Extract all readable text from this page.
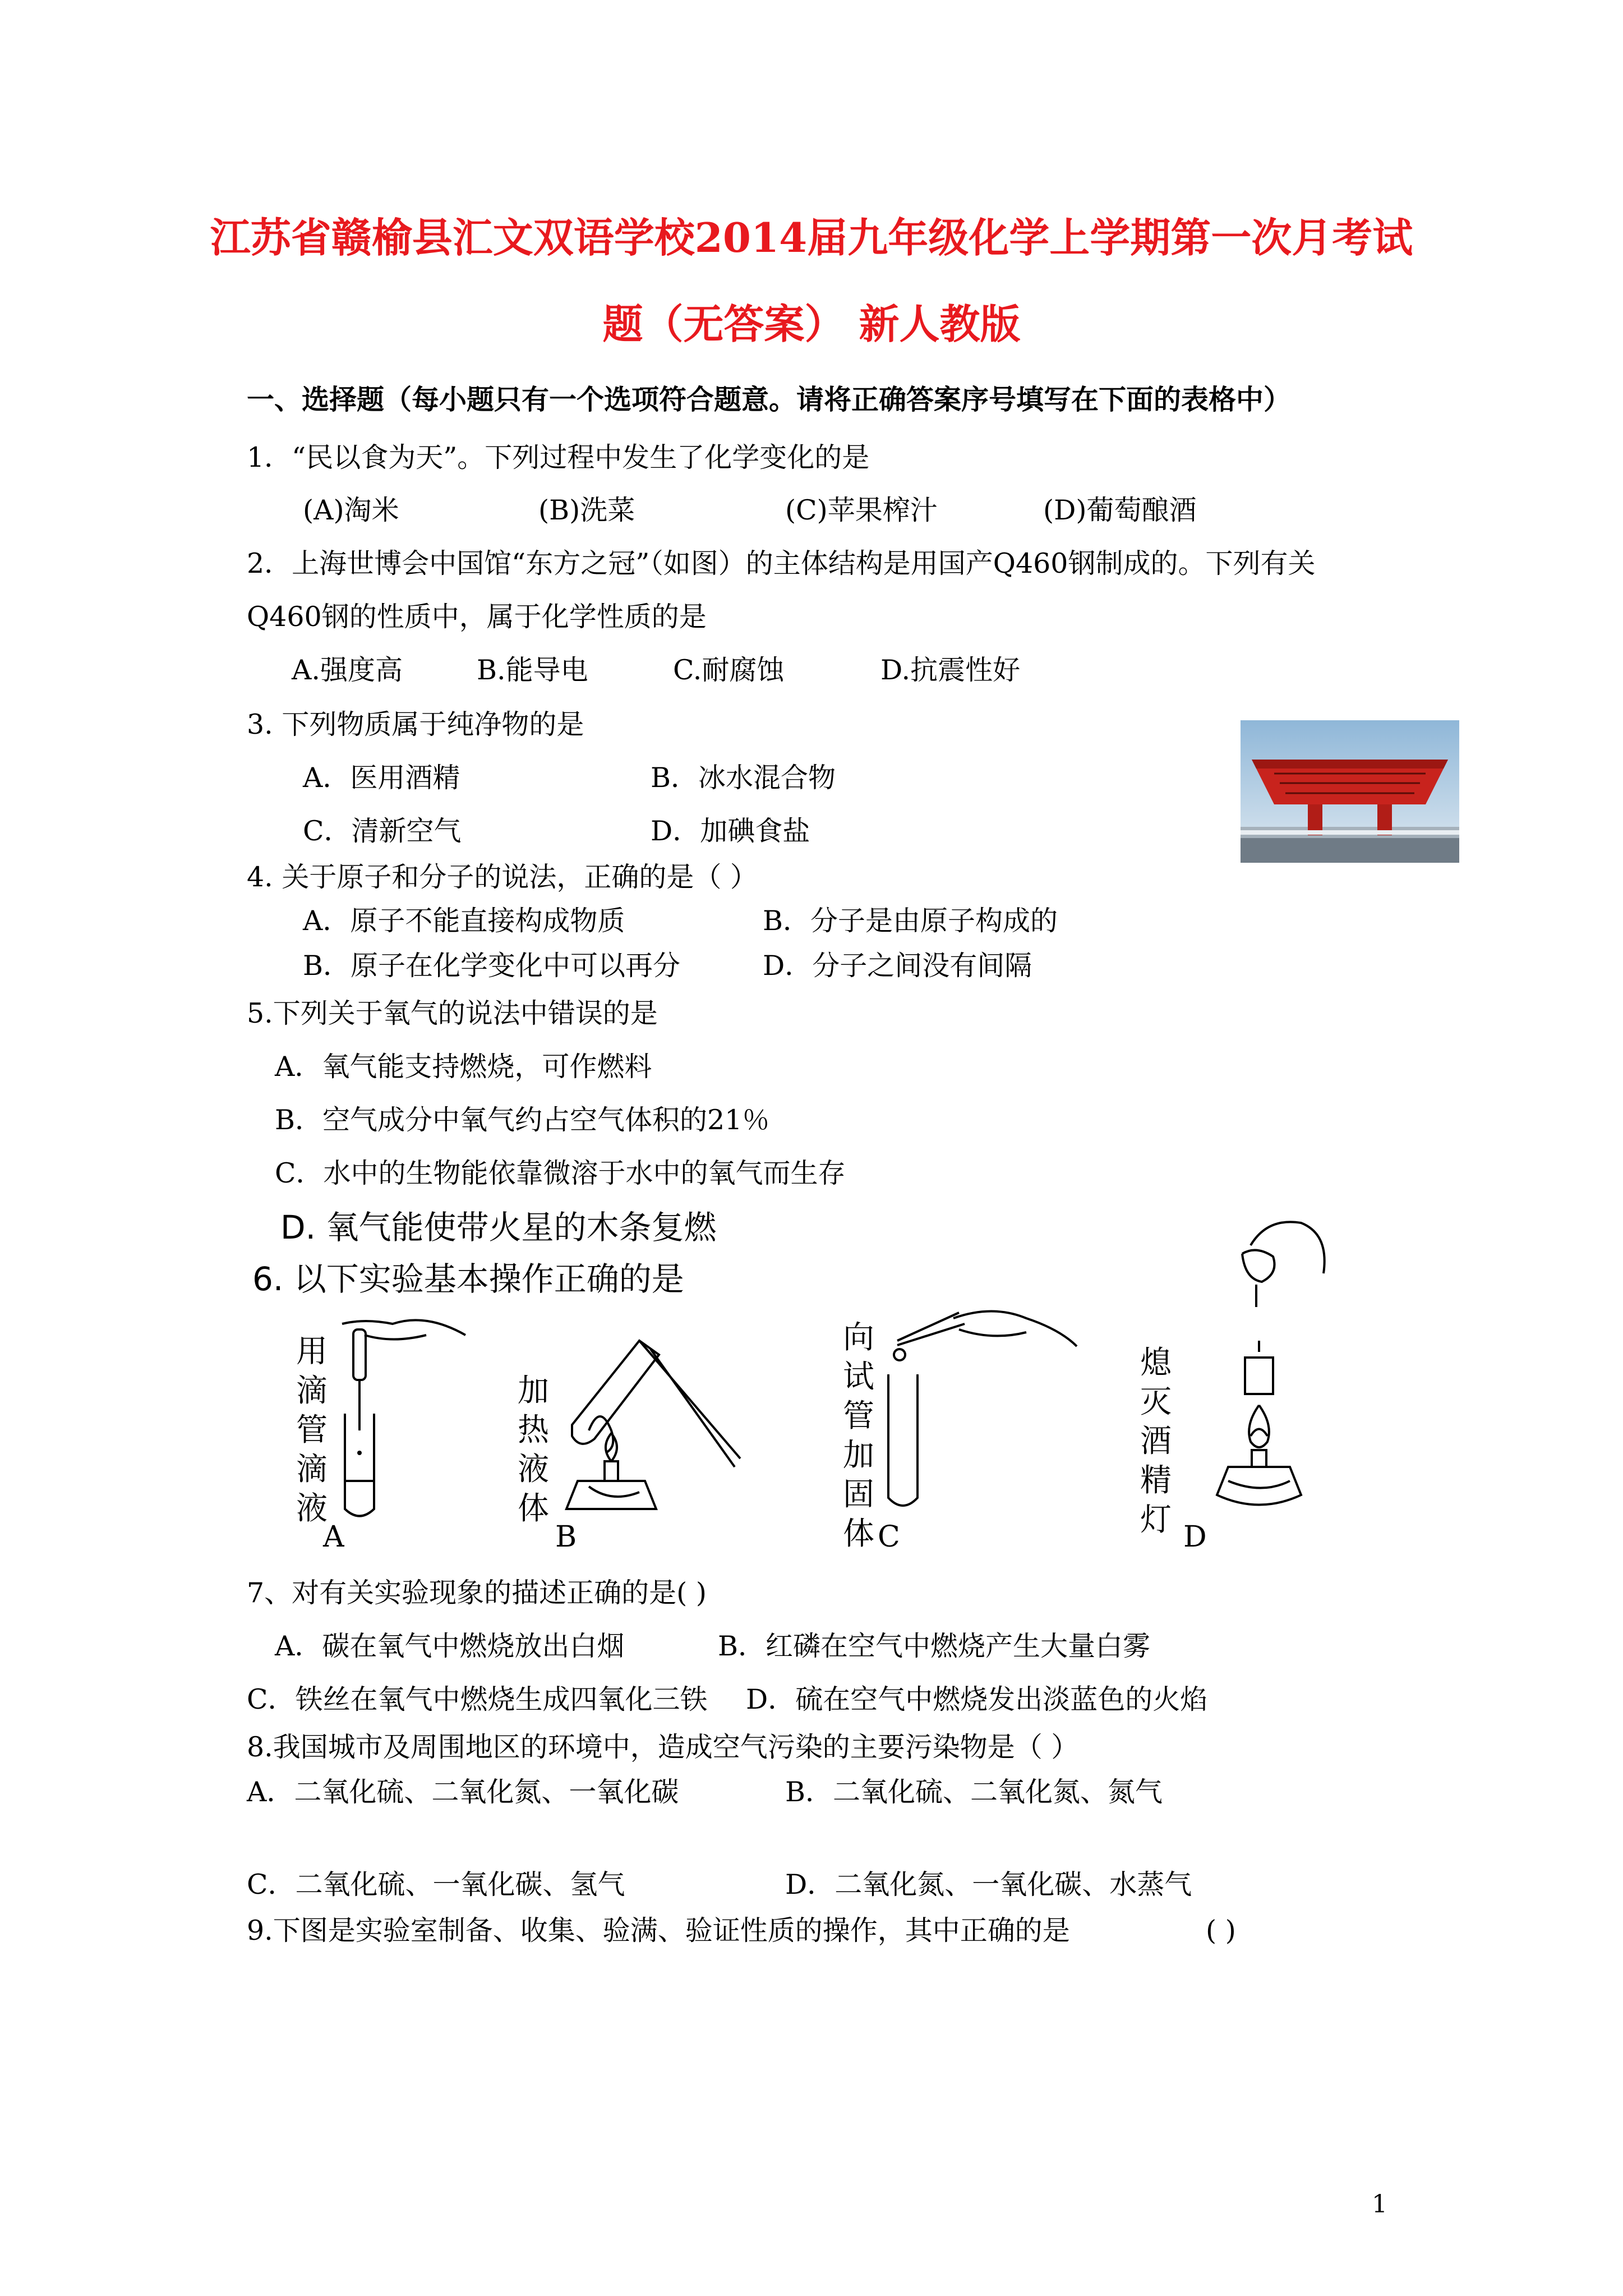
江苏省赣榆县汇文双语学校2014届九年级化学上学期第一次月考试
题（无答案） 新人教版
一、选择题（每小题只有一个选项符合题意。请将正确答案序号填写在下面的表格中）
1．“民以食为天”。下列过程中发生了化学变化的是
(A)淘米	(B)洗菜	(C)苹果榨汁	(D)葡萄酿酒
2．上海世博会中国馆“东方之冠”（如图）的主体结构是用国产Q460钢制成的。下列有关
Q460钢的性质中，属于化学性质的是
A.强度高	B.能导电	C.耐腐蚀	D.抗震性好
3. 下列物质属于纯净物的是
A．医用酒精	B．冰水混合物
C．清新空气	D．加碘食盐
4. 关于原子和分子的说法，正确的是（ ）
A．原子不能直接构成物质	B．分子是由原子构成的
B．原子在化学变化中可以再分	D．分子之间没有间隔
5.下列关于氧气的说法中错误的是
A．氧气能支持燃烧，可作燃料
B．空气成分中氧气约占空气体积的21％
C．水中的生物能依靠微溶于水中的氧气而生存
D. 氧气能使带火星的木条复燃
6. 以下实验基本操作正确的是
用滴管滴液
A
加热液体
B
向试管加固体 C
熄灭酒精灯 D
7、对有关实验现象的描述正确的是( )
A．碳在氧气中燃烧放出白烟	B．红磷在空气中燃烧产生大量白雾
C．铁丝在氧气中燃烧生成四氧化三铁 D．硫在空气中燃烧发出淡蓝色的火焰
8.我国城市及周围地区的环境中，造成空气污染的主要污染物是（ ）
A．二氧化硫、二氧化氮、一氧化碳	B．二氧化硫、二氧化氮、氮气
C．二氧化硫、一氧化碳、氢气	D．二氧化氮、一氧化碳、水蒸气
9.下图是实验室制备、收集、验满、验证性质的操作，其中正确的是	( )
1
